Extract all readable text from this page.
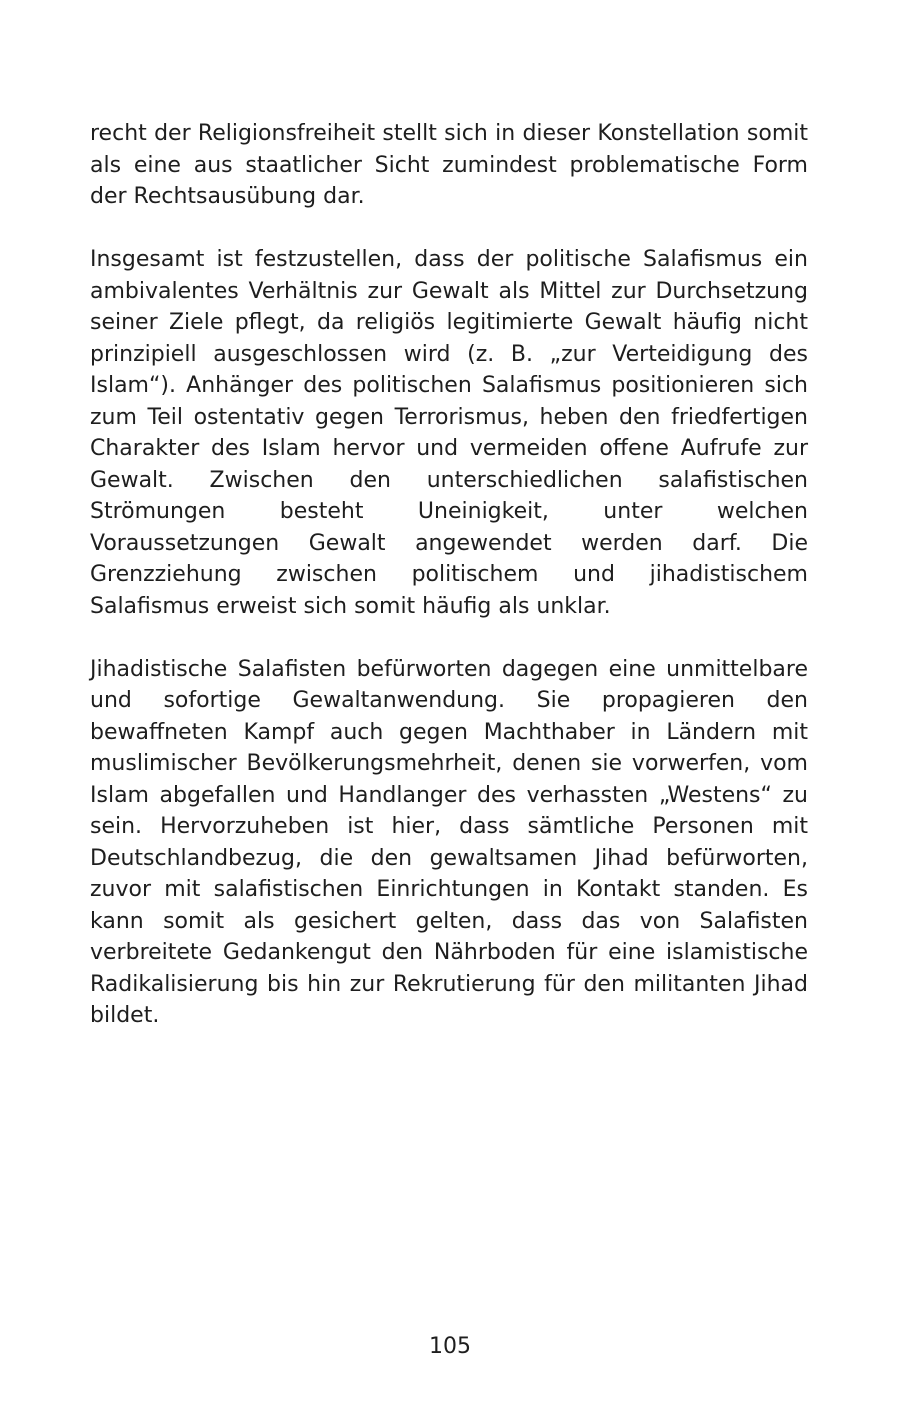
recht der Religionsfreiheit stellt sich in dieser Konstellation somit als eine aus staatlicher Sicht zumindest problematische Form der Rechtsausübung dar.

Insgesamt ist festzustellen, dass der politische Salafismus ein ambivalentes Verhältnis zur Gewalt als Mittel zur Durchsetzung seiner Ziele pflegt, da religiös legitimierte Gewalt häufig nicht prinzipiell ausgeschlossen wird (z. B. „zur Verteidigung des Islam“). Anhänger des politischen Salafismus positionieren sich zum Teil ostentativ gegen Terrorismus, heben den friedfertigen Charakter des Islam hervor und vermeiden offene Aufrufe zur Gewalt. Zwischen den unterschiedlichen salafistischen Strömungen besteht Uneinigkeit, unter welchen Voraussetzungen Gewalt angewendet werden darf. Die Grenzziehung zwischen politischem und jihadistischem Salafismus erweist sich somit häufig als unklar.

Jihadistische Salafisten befürworten dagegen eine unmittelbare und sofortige Gewaltanwendung. Sie propagieren den bewaffneten Kampf auch gegen Machthaber in Ländern mit muslimischer Bevölkerungsmehrheit, denen sie vorwerfen, vom Islam abgefallen und Handlanger des verhassten „Westens“ zu sein. Hervorzuheben ist hier, dass sämtliche Personen mit Deutschlandbezug, die den gewaltsamen Jihad befürworten, zuvor mit salafistischen Einrichtungen in Kontakt standen. Es kann somit als gesichert gelten, dass das von Salafisten verbreitete Gedankengut den Nährboden für eine islamistische Radikalisierung bis hin zur Rekrutierung für den militanten Jihad bildet.

105
